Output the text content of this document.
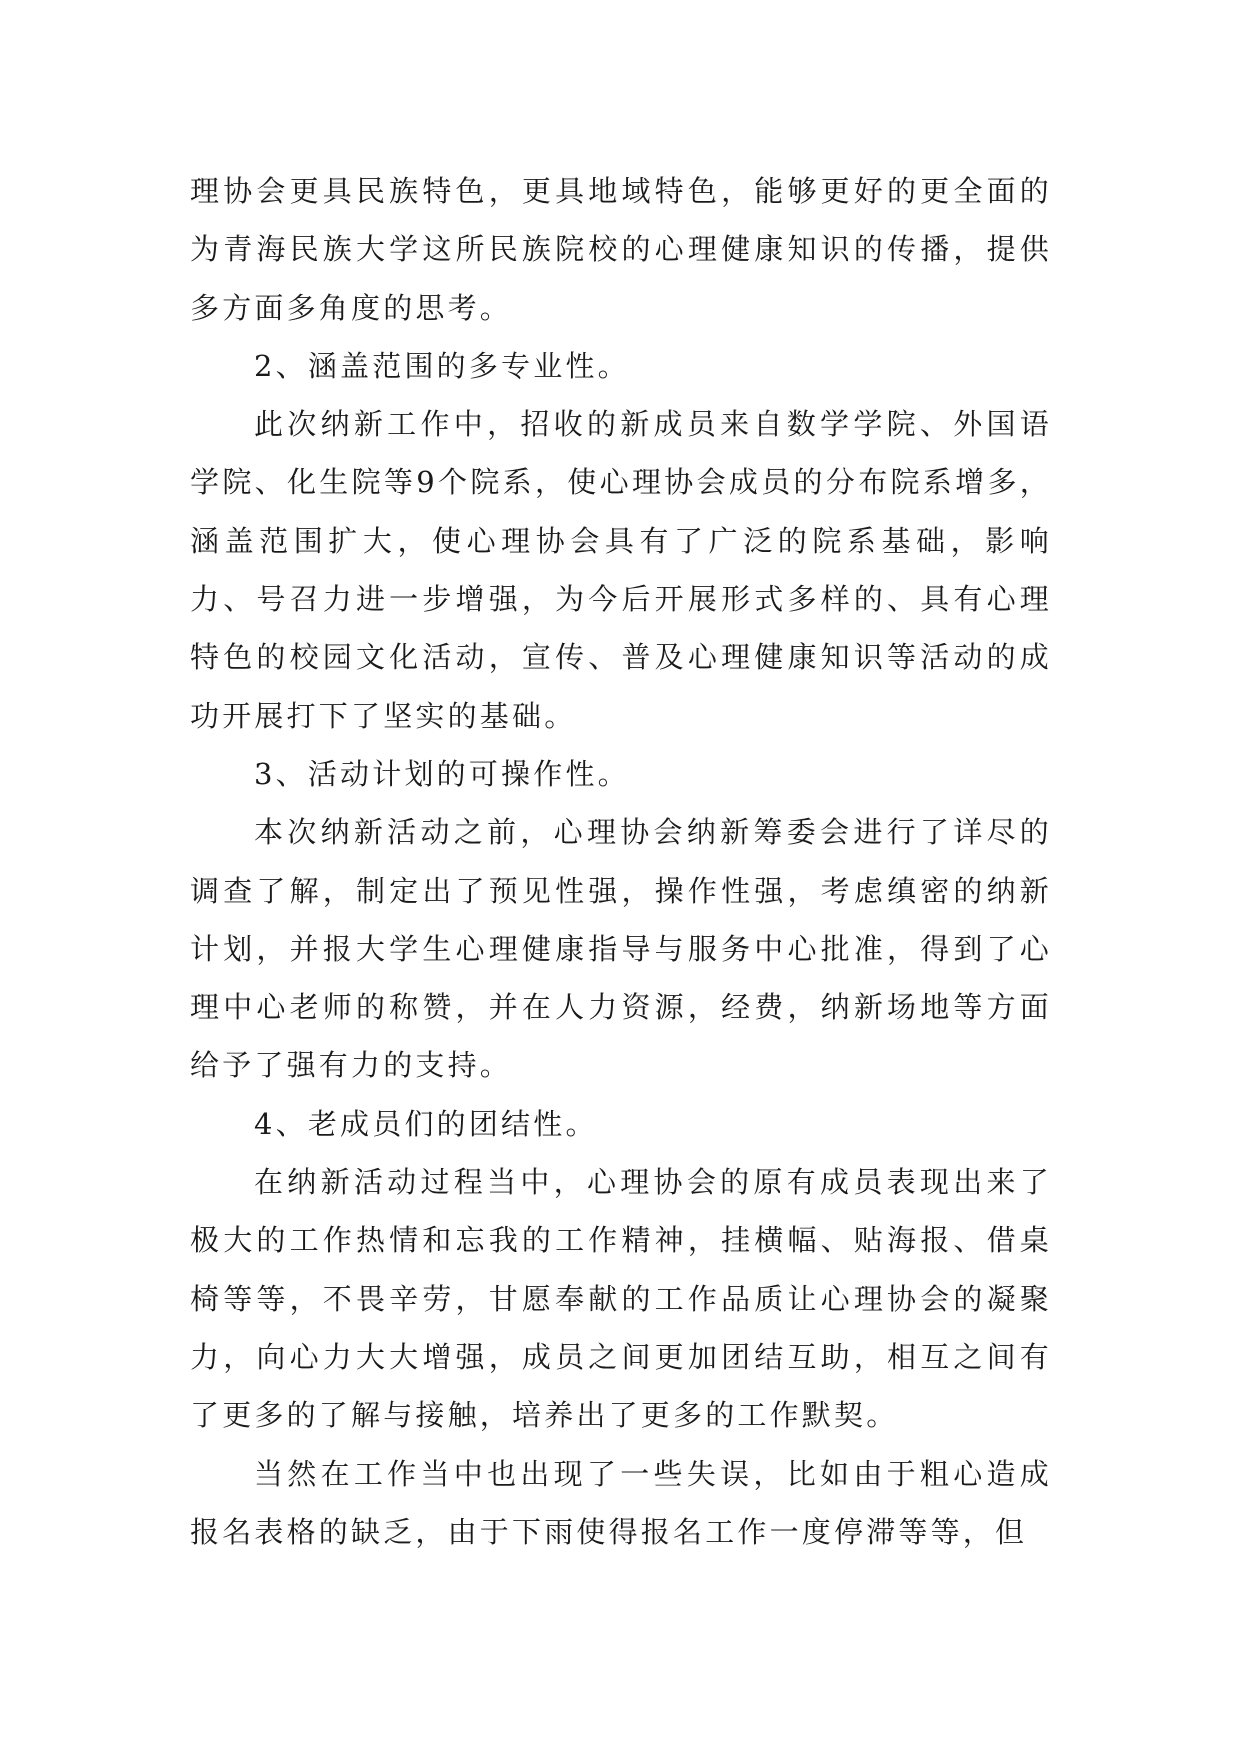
理协会更具民族特色，更具地域特色，能够更好的更全面的为青海民族大学这所民族院校的心理健康知识的传播，提供多方面多角度的思考。

2、涵盖范围的多专业性。

此次纳新工作中，招收的新成员来自数学学院、外国语学院、化生院等9个院系，使心理协会成员的分布院系增多，涵盖范围扩大，使心理协会具有了广泛的院系基础，影响力、号召力进一步增强，为今后开展形式多样的、具有心理特色的校园文化活动，宣传、普及心理健康知识等活动的成功开展打下了坚实的基础。

3、活动计划的可操作性。

本次纳新活动之前，心理协会纳新筹委会进行了详尽的调查了解，制定出了预见性强，操作性强，考虑缜密的纳新计划，并报大学生心理健康指导与服务中心批准，得到了心理中心老师的称赞，并在人力资源，经费，纳新场地等方面给予了强有力的支持。

4、老成员们的团结性。

在纳新活动过程当中，心理协会的原有成员表现出来了极大的工作热情和忘我的工作精神，挂横幅、贴海报、借桌椅等等，不畏辛劳，甘愿奉献的工作品质让心理协会的凝聚力，向心力大大增强，成员之间更加团结互助，相互之间有了更多的了解与接触，培养出了更多的工作默契。

当然在工作当中也出现了一些失误，比如由于粗心造成报名表格的缺乏，由于下雨使得报名工作一度停滞等等，但
